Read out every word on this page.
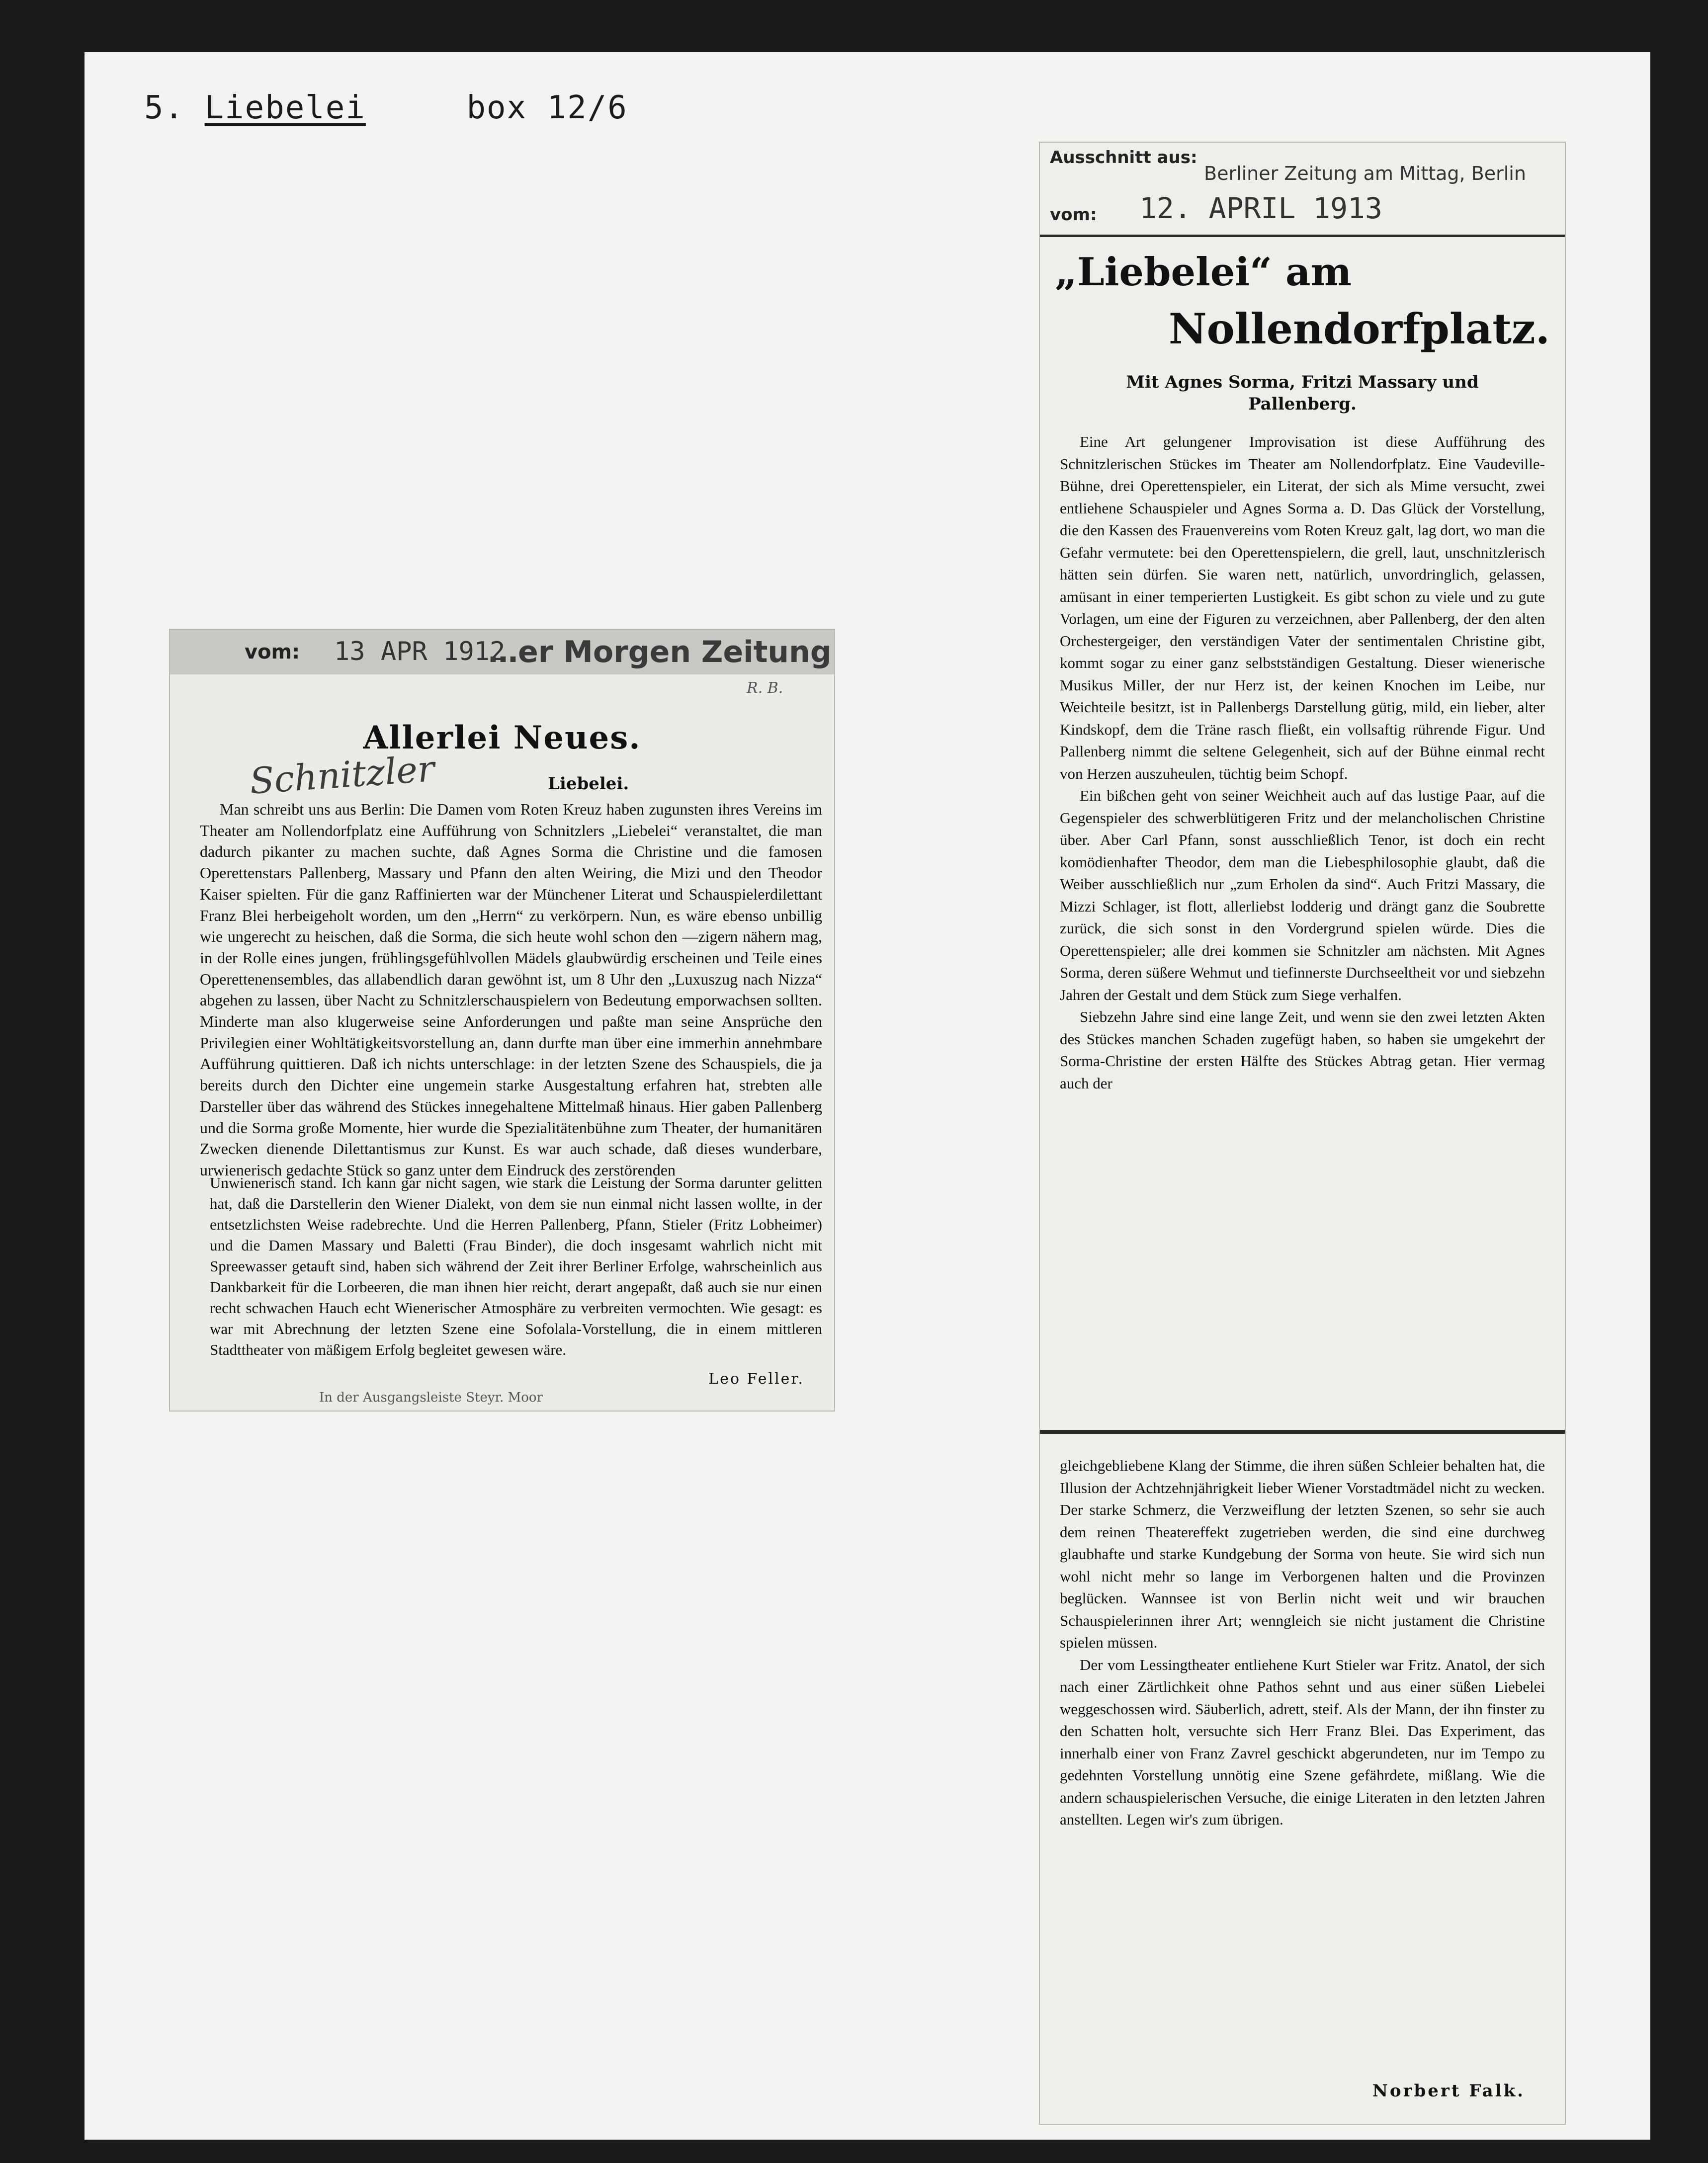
5. Liebelei	box 12/6
vom: 13 APR 1912
…er Morgen Zeitung
R. B.
Allerlei Neues.
Schnitzler	Liebelei.

Man schreibt uns aus Berlin: Die Damen vom Roten Kreuz haben zugunsten ihres Vereins im Theater am Nollendorfplatz eine Aufführung von Schnitzlers „Liebelei“ veranstaltet, die man dadurch pikanter zu machen suchte, daß Agnes Sorma die Christine und die famosen Operettenstars Pallenberg, Massary und Pfann den alten Weiring, die Mizi und den Theodor Kaiser spielten. Für die ganz Raffinierten war der Münchener Literat und Schauspielerdilettant Franz Blei herbeigeholt worden, um den „Herrn“ zu verkörpern. Nun, es wäre ebenso unbillig wie ungerecht zu heischen, daß die Sorma, die sich heute wohl schon den —zigern nähern mag, in der Rolle eines jungen, frühlingsgefühlvollen Mädels glaubwürdig erscheinen und Teile eines Operettenensembles, das allabendlich daran gewöhnt ist, um 8 Uhr den „Luxuszug nach Nizza“ abgehen zu lassen, über Nacht zu Schnitzlerschauspielern von Bedeutung emporwachsen sollten. Minderte man also klugerweise seine Anforderungen und paßte man seine Ansprüche den Privilegien einer Wohltätigkeitsvorstellung an, dann durfte man über eine immerhin annehmbare Aufführung quittieren. Daß ich nichts unterschlage: in der letzten Szene des Schauspiels, die ja bereits durch den Dichter eine ungemein starke Ausgestaltung erfahren hat, strebten alle Darsteller über das während des Stückes innegehaltene Mittelmaß hinaus. Hier gaben Pallenberg und die Sorma große Momente, hier wurde die Spezialitätenbühne zum Theater, der humanitären Zwecken dienende Dilettantismus zur Kunst. Es war auch schade, daß dieses wunderbare, urwienerisch gedachte Stück so ganz unter dem Eindruck des zerstörenden

Unwienerisch stand. Ich kann gar nicht sagen, wie stark die Leistung der Sorma darunter gelitten hat, daß die Darstellerin den Wiener Dialekt, von dem sie nun einmal nicht lassen wollte, in der entsetzlichsten Weise radebrechte. Und die Herren Pallenberg, Pfann, Stieler (Fritz Lobheimer) und die Damen Massary und Baletti (Frau Binder), die doch insgesamt wahrlich nicht mit Spreewasser getauft sind, haben sich während der Zeit ihrer Berliner Erfolge, wahrscheinlich aus Dankbarkeit für die Lorbeeren, die man ihnen hier reicht, derart angepaßt, daß auch sie nur einen recht schwachen Hauch echt Wienerischer Atmosphäre zu verbreiten vermochten. Wie gesagt: es war mit Abrechnung der letzten Szene eine Sofolala-Vorstellung, die in einem mittleren Stadttheater von mäßigem Erfolg begleitet gewesen wäre.

Leo Feller.
In der Ausgangsleiste Steyr. Moor
Ausschnitt aus:
Berliner Zeitung am Mittag, Berlin
vom: 12. APRIL 1913
„Liebelei“ am
Nollendorfplatz.
Mit Agnes Sorma, Fritzi Massary und Pallenberg.

Eine Art gelungener Improvisation ist diese Aufführung des Schnitzlerischen Stückes im Theater am Nollendorfplatz. Eine Vaudeville-Bühne, drei Operettenspieler, ein Literat, der sich als Mime versucht, zwei entliehene Schauspieler und Agnes Sorma a. D. Das Glück der Vorstellung, die den Kassen des Frauenvereins vom Roten Kreuz galt, lag dort, wo man die Gefahr vermutete: bei den Operettenspielern, die grell, laut, unschnitzlerisch hätten sein dürfen. Sie waren nett, natürlich, unvordringlich, gelassen, amüsant in einer temperierten Lustigkeit. Es gibt schon zu viele und zu gute Vorlagen, um eine der Figuren zu verzeichnen, aber Pallenberg, der den alten Orchestergeiger, den verständigen Vater der sentimentalen Christine gibt, kommt sogar zu einer ganz selbstständigen Gestaltung. Dieser wienerische Musikus Miller, der nur Herz ist, der keinen Knochen im Leibe, nur Weichteile besitzt, ist in Pallenbergs Darstellung gütig, mild, ein lieber, alter Kindskopf, dem die Träne rasch fließt, ein vollsaftig rührende Figur. Und Pallenberg nimmt die seltene Gelegenheit, sich auf der Bühne einmal recht von Herzen auszuheulen, tüchtig beim Schopf.

Ein bißchen geht von seiner Weichheit auch auf das lustige Paar, auf die Gegenspieler des schwerblütigeren Fritz und der melancholischen Christine über. Aber Carl Pfann, sonst ausschließlich Tenor, ist doch ein recht komödienhafter Theodor, dem man die Liebesphilosophie glaubt, daß die Weiber ausschließlich nur „zum Erholen da sind“. Auch Fritzi Massary, die Mizzi Schlager, ist flott, allerliebst lodderig und drängt ganz die Soubrette zurück, die sich sonst in den Vordergrund spielen würde. Dies die Operettenspieler; alle drei kommen sie Schnitzler am nächsten. Mit Agnes Sorma, deren süßere Wehmut und tiefinnerste Durchseeltheit vor und siebzehn Jahren der Gestalt und dem Stück zum Siege verhalfen.

Siebzehn Jahre sind eine lange Zeit, und wenn sie den zwei letzten Akten des Stückes manchen Schaden zugefügt haben, so haben sie umgekehrt der Sorma-Christine der ersten Hälfte des Stückes Abtrag getan. Hier vermag auch der

gleichgebliebene Klang der Stimme, die ihren süßen Schleier behalten hat, die Illusion der Achtzehnjährigkeit lieber Wiener Vorstadtmädel nicht zu wecken. Der starke Schmerz, die Verzweiflung der letzten Szenen, so sehr sie auch dem reinen Theatereffekt zugetrieben werden, die sind eine durchweg glaubhafte und starke Kundgebung der Sorma von heute. Sie wird sich nun wohl nicht mehr so lange im Verborgenen halten und die Provinzen beglücken. Wannsee ist von Berlin nicht weit und wir brauchen Schauspielerinnen ihrer Art; wenngleich sie nicht justament die Christine spielen müssen.

Der vom Lessingtheater entliehene Kurt Stieler war Fritz. Anatol, der sich nach einer Zärtlichkeit ohne Pathos sehnt und aus einer süßen Liebelei weggeschossen wird. Säuberlich, adrett, steif. Als der Mann, der ihn finster zu den Schatten holt, versuchte sich Herr Franz Blei. Das Experiment, das innerhalb einer von Franz Zavrel geschickt abgerundeten, nur im Tempo zu gedehnten Vorstellung unnötig eine Szene gefährdete, mißlang. Wie die andern schauspielerischen Versuche, die einige Literaten in den letzten Jahren anstellten. Legen wir's zum übrigen.

Norbert Falk.
